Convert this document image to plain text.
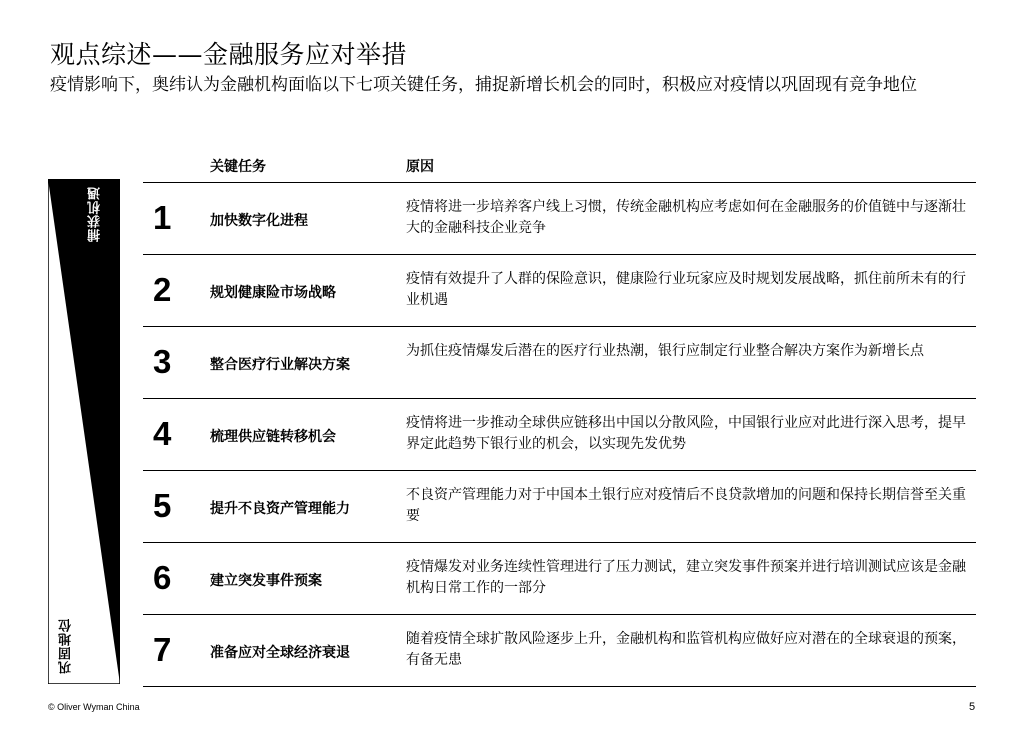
观点综述——金融服务应对举措
疫情影响下，奥纬认为金融机构面临以下七项关键任务，捕捉新增长机会的同时，积极应对疫情以巩固现有竞争地位
关键任务	原因
捕获机遇
巩固地位
1	加快数字化进程
疫情将进一步培养客户线上习惯，传统金融机构应考虑如何在金融服务的价值链中与逐渐壮大的金融科技企业竞争
2	规划健康险市场战略
疫情有效提升了人群的保险意识，健康险行业玩家应及时规划发展战略，抓住前所未有的行业机遇
3	整合医疗行业解决方案
为抓住疫情爆发后潜在的医疗行业热潮，银行应制定行业整合解决方案作为新增长点
4	梳理供应链转移机会
疫情将进一步推动全球供应链移出中国以分散风险，中国银行业应对此进行深入思考，提早界定此趋势下银行业的机会，以实现先发优势
5	提升不良资产管理能力
不良资产管理能力对于中国本土银行应对疫情后不良贷款增加的问题和保持长期信誉至关重要
6	建立突发事件预案
疫情爆发对业务连续性管理进行了压力测试，建立突发事件预案并进行培训测试应该是金融机构日常工作的一部分
7	准备应对全球经济衰退
随着疫情全球扩散风险逐步上升，金融机构和监管机构应做好应对潜在的全球衰退的预案，有备无患
© Oliver Wyman China	5
